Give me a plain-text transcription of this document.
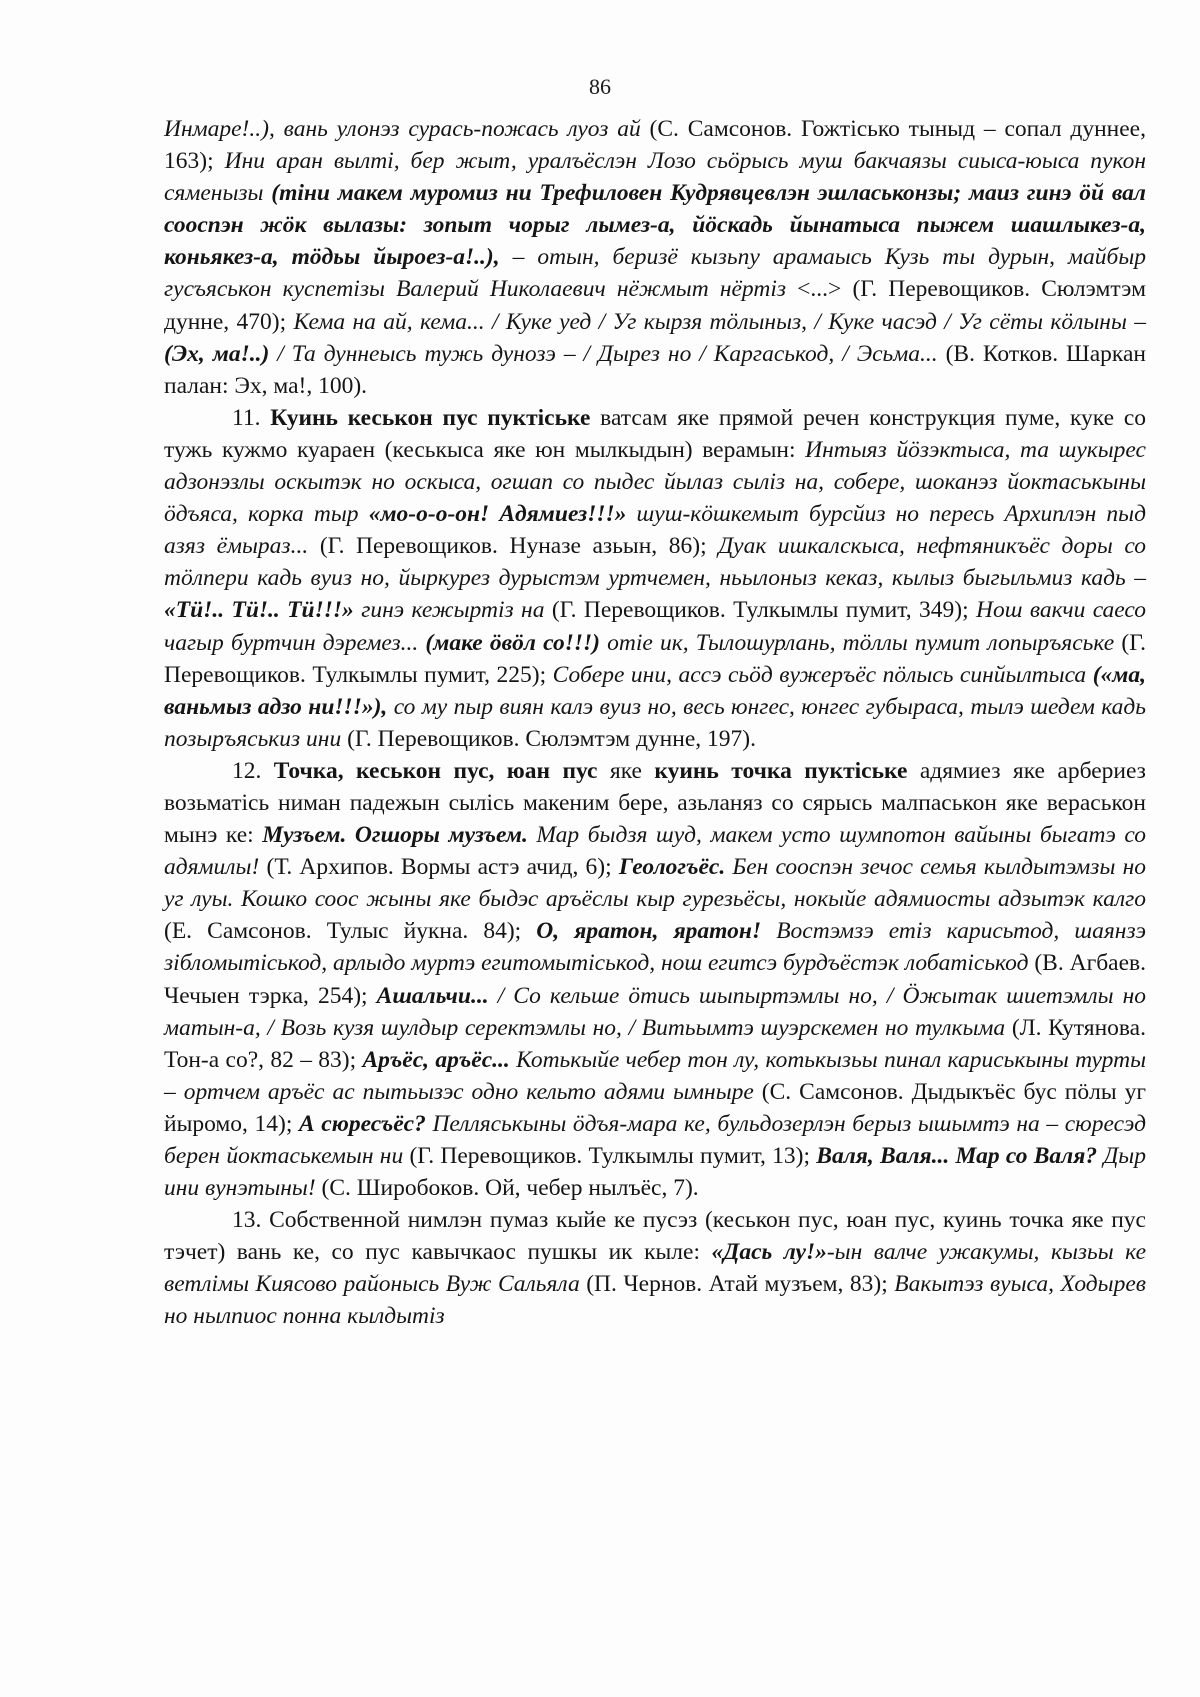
86

Инмаре!..), вань улонэз сурась-пожась луоз ай (С. Самсонов. Гожтiсько тыныд – сопал дуннее, 163); Ини аран вылтi, бер жыт, уралъёслэн Лозо сьöрысь муш бакчаязы сиыса-юыса пукон сяменызы (тiни макем муромиз ни Трефиловен Кудрявцевлэн эшласьконзы; маиз гинэ öй вал сооспэн жöк вылазы: зопыт чорыг лымез-а, йöскадь йынатыса пыжем шашлыкез-а, коньякез-а, тöдьы йыроез-а!..), – отын, беризё кызьпу арамаысь Кузь ты дурын, майбыр гусъяськон куспетiзы Валерий Николаевич нёжмыт нёртiз <...> (Г. Перевощиков. Сюлэмтэм дунне, 470); Кема на ай, кема... / Куке уед / Уг кырзя тöлыныз, / Куке часэд / Уг сёты кöлыны – (Эх, ма!..) / Та дуннеысь тужь дунозэ – / Дырез но / Каргаськод, / Эсьма... (В. Котков. Шаркан палан: Эх, ма!, 100).

11. Куинь кеськон пус пуктiське ватсам яке прямой речен конструкция пуме, куке со тужь кужмо куараен (кеськыса яке юн мылкыдын) верамын: Интыяз йöзэктыса, та шукырес адзонэзлы оскытэк но оскыса, огшап со пыдес йылаз сылiз на, собере, шоканэз йоктаськыны öдъяса, корка тыр «мо-о-о-он! Адямиез!!!» шуш-кöшкемыт бурсйиз но пересь Архиплэн пыд азяз ёмыраз... (Г. Перевощиков. Нуназе азьын, 86); Дуак ишкалскыса, нефтяникъёс доры со тöлпери кадь вуиз но, йыркурез дурыстэм уртчемен, ньылоныз кеказ, кылыз быгыльмиз кадь – «Тü!.. Тü!.. Тü!!!» гинэ кежыртiз на (Г. Перевощиков. Тулкымлы пумит, 349); Нош вакчи саесо чагыр буртчин дэремез... (маке öвöл со!!!) отiе ик, Тылошурлань, тöллы пумит лопыръяське (Г. Перевощиков. Тулкымлы пумит, 225); Собере ини, ассэ сьöд вужеръёс пöлысь синйылтыса («ма, ваньмыз адзо ни!!!»), со му пыр виян калэ вуиз но, весь юнгес, юнгес губыраса, тылэ шедем кадь позыръяськиз ини (Г. Перевощиков. Сюлэмтэм дунне, 197).

12. Точка, кеськон пус, юан пус яке куинь точка пуктiське адямиез яке арбериез возьматiсь ниман падежын сылiсь макеним бере, азьланяз со сярысь малпаськон яке вераськон мынэ ке: Музъем. Огшоры музъем. Мар быдзя шуд, макем усто шумпотон вайыны быгатэ со адямилы! (Т. Архипов. Вормы астэ ачид, 6); Геологъёс. Бен сооспэн зечос семья кылдытэмзы но уг луы. Кошко соос жыны яке быдэс аръёслы кыр гурезьёсы, нокыйе адямиосты адзытэк калго (Е. Самсонов. Тулыс йукна. 84); О, яратон, яратон! Востэмзэ етiз карисьтод, шаянзэ зiбломытiськод, арлыдо муртэ егитомытiськод, нош егитсэ бурдъёстэк лобатiськод (В. Агбаев. Чечыен тэрка, 254); Ашальчи... / Со кельше öтись шыпыртэмлы но, / Öжытак шиетэмлы но матын-а, / Возь кузя шулдыр серектэмлы но, / Витьымтэ шуэрскемен но тулкыма (Л. Кутянова. Тон-а со?, 82 – 83); Аръёс, аръёс... Котькыйе чебер тон лу, котькызьы пинал кариськыны турты – ортчем аръёс ас пытьызэс одно кельто адями ымныре (С. Самсонов. Дыдыкъёс бус пöлы уг йыромо, 14); А сюресъёс? Пелляськыны öдъя-мара ке, бульдозерлэн берыз ышымтэ на – сюресэд берен йоктаськемын ни (Г. Перевощиков. Тулкымлы пумит, 13); Валя, Валя... Мар со Валя? Дыр ини вунэтыны! (С. Широбоков. Ой, чебер нылъёс, 7).

13. Собственной нимлэн пумаз кыйе ке пусэз (кеськон пус, юан пус, куинь точка яке пус тэчет) вань ке, со пус кавычкаос пушкы ик кыле: «Дась лу!»-ын валче ужакумы, кызьы ке ветлiмы Киясово районысь Вуж Сальяла (П. Чернов. Атай музъем, 83); Вакытэз вуыса, Ходырев но нылпиос понна кылдытiз
